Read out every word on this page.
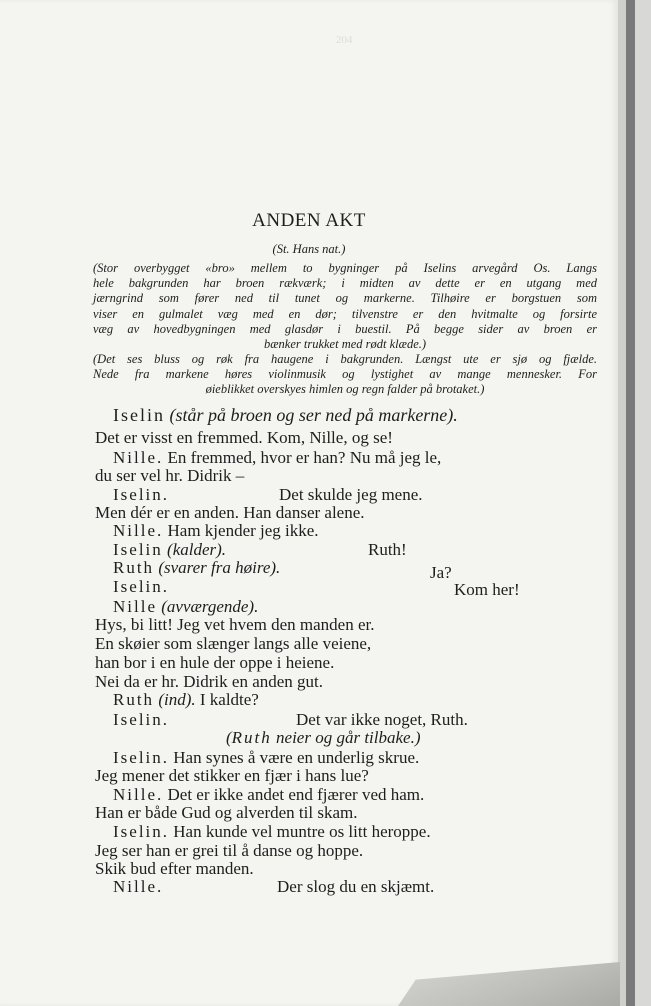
204
ANDEN AKT
(St. Hans nat.)
(Stor overbygget «bro» mellem to bygninger på Iselins arvegård Os. Langs
hele bakgrunden har broen rækværk; i midten av dette er en utgang med
jærngrind som fører ned til tunet og markerne. Tilhøire er borgstuen som
viser en gulmalet væg med en dør; tilvenstre er den hvitmalte og forsirte
væg av hovedbygningen med glasdør i buestil. På begge sider av broen er
bænker trukket med rødt klæde.)
(Det ses bluss og røk fra haugene i bakgrunden. Længst ute er sjø og fjælde.
Nede fra markene høres violinmusik og lystighet av mange mennesker. For
øieblikket overskyes himlen og regn falder på brotaket.)
Iselin (står på broen og ser ned på markerne).
Det er visst en fremmed. Kom, Nille, og se!
Nille. En fremmed, hvor er han? Nu må jeg le,
du ser vel hr. Didrik –
Iselin.	Det skulde jeg mene.
Men dér er en anden. Han danser alene.
Nille. Ham kjender jeg ikke.
Iselin (kalder).	Ruth!
Ruth (svarer fra høire).	Ja?
Iselin.	Kom her!
Nille (avværgende).
Hys, bi litt! Jeg vet hvem den manden er.
En skøier som slænger langs alle veiene,
han bor i en hule der oppe i heiene.
Nei da er hr. Didrik en anden gut.
Ruth (ind). I kaldte?
Iselin.	Det var ikke noget, Ruth.
(Ruth neier og går tilbake.)
Iselin. Han synes å være en underlig skrue.
Jeg mener det stikker en fjær i hans lue?
Nille. Det er ikke andet end fjærer ved ham.
Han er både Gud og alverden til skam.
Iselin. Han kunde vel muntre os litt heroppe.
Jeg ser han er grei til å danse og hoppe.
Skik bud efter manden.
Nille.	Der slog du en skjæmt.
